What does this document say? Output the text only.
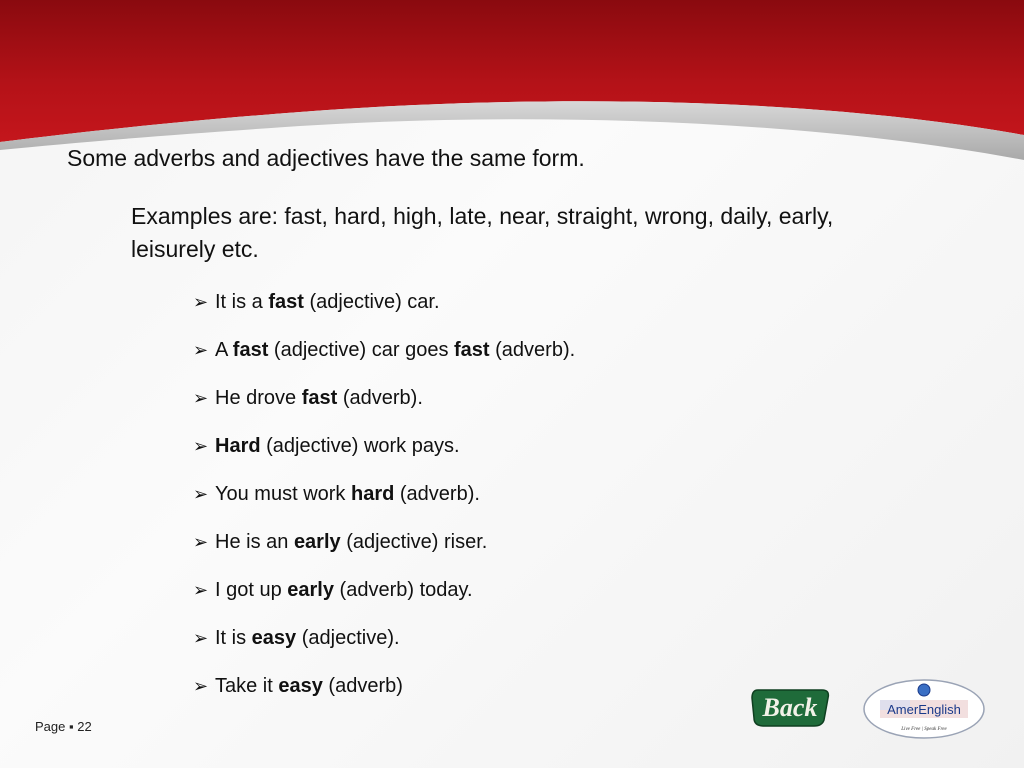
Some adverbs and adjectives have the same form.
Examples are: fast, hard, high, late, near, straight, wrong, daily, early, leisurely etc.
➢ It is a fast (adjective) car.
➢ A fast (adjective) car goes fast (adverb).
➢ He drove fast (adverb).
➢ Hard (adjective) work pays.
➢ You must work hard (adverb).
➢ He is an early (adjective) riser.
➢ I got up early (adverb) today.
➢ It is easy (adjective).
➢ Take it easy (adverb)
Page ▪ 22
Back	AmerEnglish
Live Free | Speak Free
